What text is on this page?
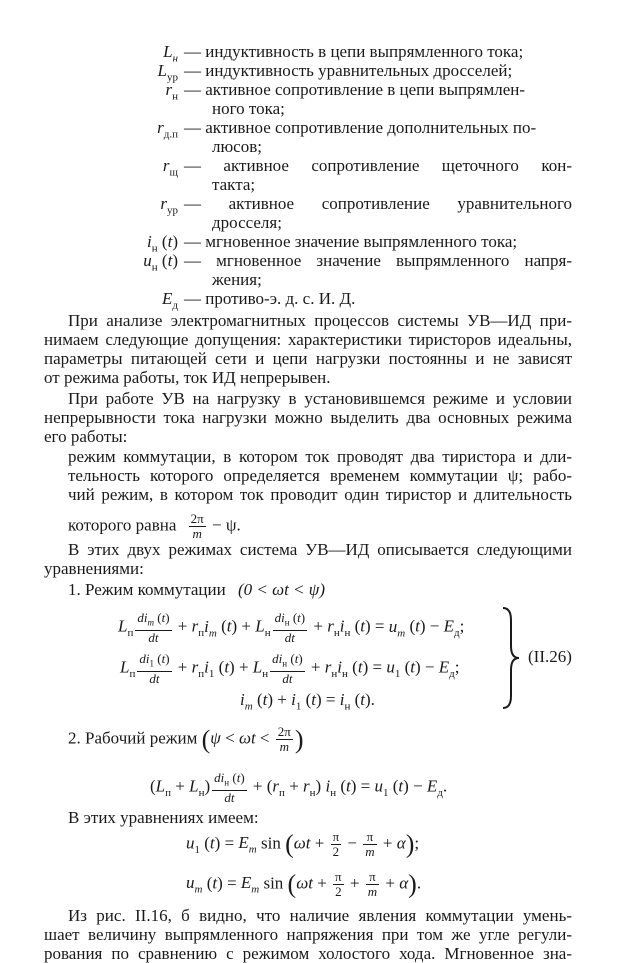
$L_н$ — индуктивность в цепи выпрямленного тока;
$L_{ур}$ — индуктивность уравнительных дросселей;
$r_н$ — активное сопротивление в цепи выпрямлен-
ного тока;
$r_{д.п}$ — активное сопротивление дополнительных по-
люсов;
$r_щ$ — активное сопротивление щеточного кон-
такта;
$r_{ур}$ — активное сопротивление уравнительного
дросселя;
$i_н$ (t) — мгновенное значение выпрямленного тока;
$u_н$ (t) — мгновенное значение выпрямленного напря-
жения;
$E_д$ — противо-э. д. с. И. Д.
При анализе электромагнитных процессов системы УВ—ИД при-
нимаем следующие допущения: характеристики тиристоров идеальны,
параметры питающей сети и цепи нагрузки постоянны и не зависят
от режима работы, ток ИД непрерывен.
При работе УВ на нагрузку в установившемся режиме и условии
непрерывности тока нагрузки можно выделить два основных режима
его работы:
режим коммутации, в котором ток проводят два тиристора и дли-
тельность которого определяется временем коммутации ψ; рабо-
чий режим, в котором ток проводит один тиристор и длительность
которого равна $\frac{2\pi}{m} - \psi$.
В этих двух режимах система УВ—ИД описывается следующими
уравнениями:
1. Режим коммутации (0 < ωt < ψ)
$L_п \frac{di_m (t)}{dt} + r_пi_m$ $(t) + L_н \frac{di_н (t)}{dt} + r_нi_н$ $(t) = u_m$ $(t) - E_д$;
$L_п \frac{di_1 (t)}{dt} + r_пi_1$ $(t) + L_н \frac{di_н (t)}{dt} + r_нi_н$ $(t) = u_1$ $(t) - E_д$;
$i_m$ $(t) + i_1$ $(t) = i_н$ (t).
(II.26)
2. Рабочий режим ($\psi < \omega t < \frac{2\pi}{m}$ )
$(L_п + L_н) \frac{di_н (t)}{dt} + (r_п + r_н)$ $i_н$ $(t) = u_1$ $(t) - E_д$.
В этих уравнениях имеем:
$u_1$ $(t) = E_m$ $\sin (\omega t + \frac{\pi}{2} - \frac{\pi}{m} + \alpha)$;
$u_m$ $(t) = E_m$ $\sin (\omega t + \frac{\pi}{2} + \frac{\pi}{m} + \alpha)$.
Из рис. II.16, б видно, что наличие явления коммутации умень-
шает величину выпрямленного напряжения при том же угле регули-
рования по сравнению с режимом холостого хода. Мгновенное зна-
